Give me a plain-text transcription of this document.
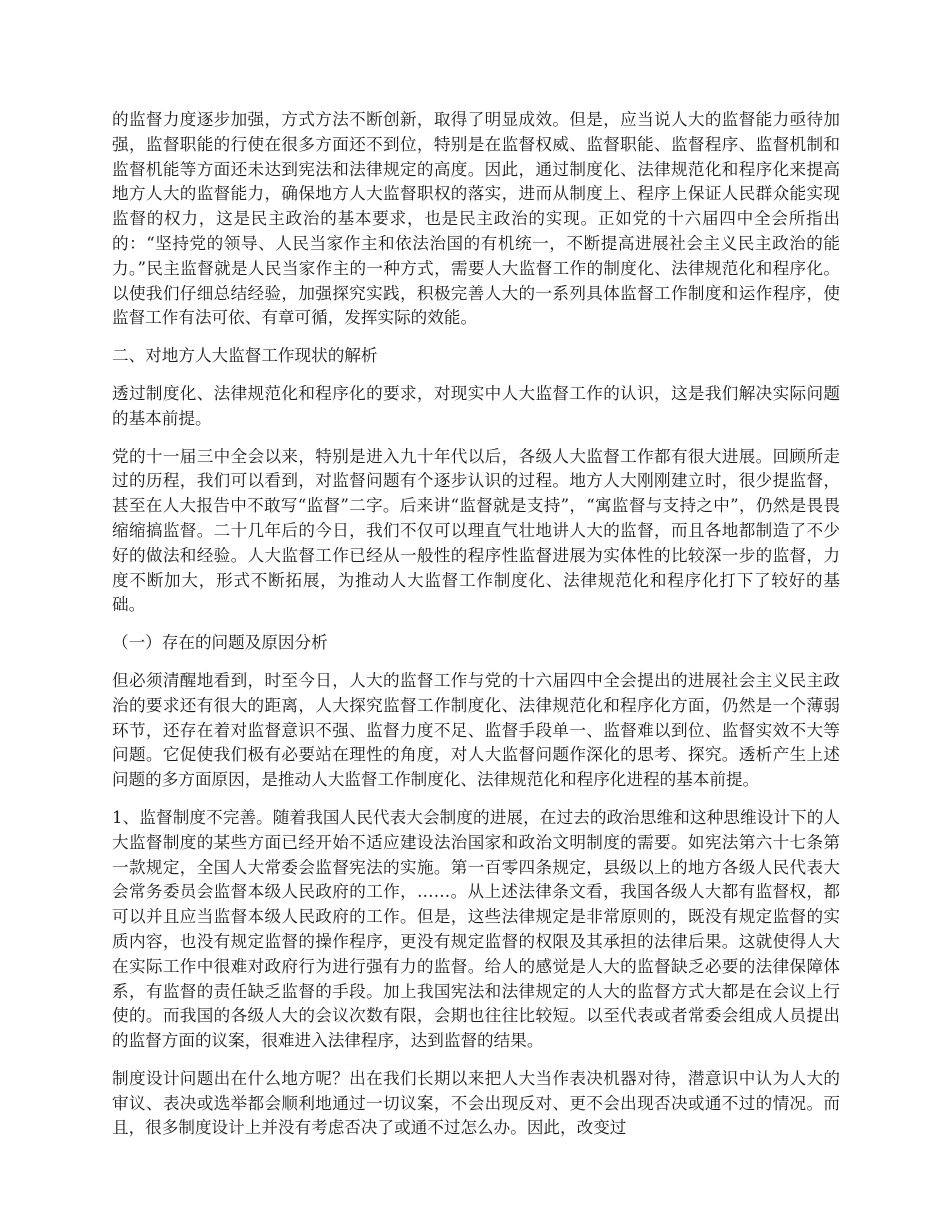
的监督力度逐步加强，方式方法不断创新，取得了明显成效。但是，应当说人大的监督能力亟待加强，监督职能的行使在很多方面还不到位，特别是在监督权威、监督职能、监督程序、监督机制和监督机能等方面还未达到宪法和法律规定的高度。因此，通过制度化、法律规范化和程序化来提高地方人大的监督能力，确保地方人大监督职权的落实，进而从制度上、程序上保证人民群众能实现监督的权力，这是民主政治的基本要求，也是民主政治的实现。正如党的十六届四中全会所指出的：“坚持党的领导、人民当家作主和依法治国的有机统一，不断提高进展社会主义民主政治的能力。”民主监督就是人民当家作主的一种方式，需要人大监督工作的制度化、法律规范化和程序化。以使我们仔细总结经验，加强探究实践，积极完善人大的一系列具体监督工作制度和运作程序，使监督工作有法可依、有章可循，发挥实际的效能。

二、对地方人大监督工作现状的解析

透过制度化、法律规范化和程序化的要求，对现实中人大监督工作的认识，这是我们解决实际问题的基本前提。

党的十一届三中全会以来，特别是进入九十年代以后，各级人大监督工作都有很大进展。回顾所走过的历程，我们可以看到，对监督问题有个逐步认识的过程。地方人大刚刚建立时，很少提监督，甚至在人大报告中不敢写“监督”二字。后来讲“监督就是支持”，“寓监督与支持之中”，仍然是畏畏缩缩搞监督。二十几年后的今日，我们不仅可以理直气壮地讲人大的监督，而且各地都制造了不少好的做法和经验。人大监督工作已经从一般性的程序性监督进展为实体性的比较深一步的监督，力度不断加大，形式不断拓展，为推动人大监督工作制度化、法律规范化和程序化打下了较好的基础。

（一）存在的问题及原因分析

但必须清醒地看到，时至今日，人大的监督工作与党的十六届四中全会提出的进展社会主义民主政治的要求还有很大的距离，人大探究监督工作制度化、法律规范化和程序化方面，仍然是一个薄弱环节，还存在着对监督意识不强、监督力度不足、监督手段单一、监督难以到位、监督实效不大等问题。它促使我们极有必要站在理性的角度，对人大监督问题作深化的思考、探究。透析产生上述问题的多方面原因，是推动人大监督工作制度化、法律规范化和程序化进程的基本前提。

1、监督制度不完善。随着我国人民代表大会制度的进展，在过去的政治思维和这种思维设计下的人大监督制度的某些方面已经开始不适应建设法治国家和政治文明制度的需要。如宪法第六十七条第一款规定，全国人大常委会监督宪法的实施。第一百零四条规定，县级以上的地方各级人民代表大会常务委员会监督本级人民政府的工作，……。从上述法律条文看，我国各级人大都有监督权，都可以并且应当监督本级人民政府的工作。但是，这些法律规定是非常原则的，既没有规定监督的实质内容，也没有规定监督的操作程序，更没有规定监督的权限及其承担的法律后果。这就使得人大在实际工作中很难对政府行为进行强有力的监督。给人的感觉是人大的监督缺乏必要的法律保障体系，有监督的责任缺乏监督的手段。加上我国宪法和法律规定的人大的监督方式大都是在会议上行使的。而我国的各级人大的会议次数有限，会期也往往比较短。以至代表或者常委会组成人员提出的监督方面的议案，很难进入法律程序，达到监督的结果。

制度设计问题出在什么地方呢？出在我们长期以来把人大当作表决机器对待，潜意识中认为人大的审议、表决或选举都会顺利地通过一切议案，不会出现反对、更不会出现否决或通不过的情况。而且，很多制度设计上并没有考虑否决了或通不过怎么办。因此，改变过
